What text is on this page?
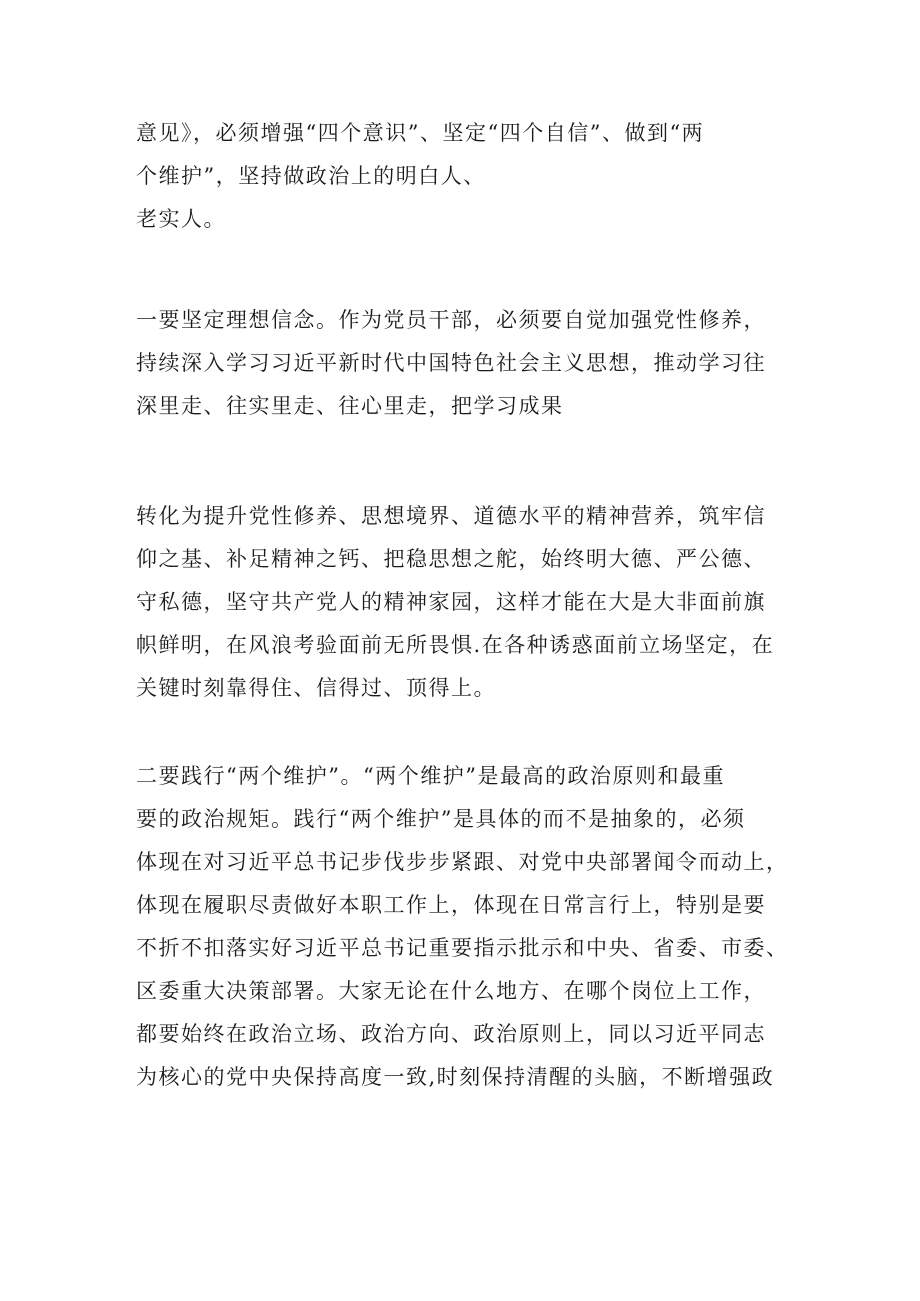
意见》，必须增强“四个意识”、坚定“四个自信”、做到“两
个维护”，坚持做政治上的明白人、
老实人。
一要坚定理想信念。作为党员干部，必须要自觉加强党性修养，
持续深入学习习近平新时代中国特色社会主义思想，推动学习往
深里走、往实里走、往心里走，把学习成果
转化为提升党性修养、思想境界、道德水平的精神营养，筑牢信
仰之基、补足精神之钙、把稳思想之舵，始终明大德、严公德、
守私德，坚守共产党人的精神家园，这样才能在大是大非面前旗
帜鲜明，在风浪考验面前无所畏惧.在各种诱惑面前立场坚定，在
关键时刻靠得住、信得过、顶得上。
二要践行“两个维护”。“两个维护”是最高的政治原则和最重
要的政治规矩。践行“两个维护”是具体的而不是抽象的，必须
体现在对习近平总书记步伐步步紧跟、对党中央部署闻令而动上，
体现在履职尽责做好本职工作上，体现在日常言行上，特别是要
不折不扣落实好习近平总书记重要指示批示和中央、省委、市委、
区委重大决策部署。大家无论在什么地方、在哪个岗位上工作，
都要始终在政治立场、政治方向、政治原则上，同以习近平同志
为核心的党中央保持高度一致,时刻保持清醒的头脑，不断增强政
